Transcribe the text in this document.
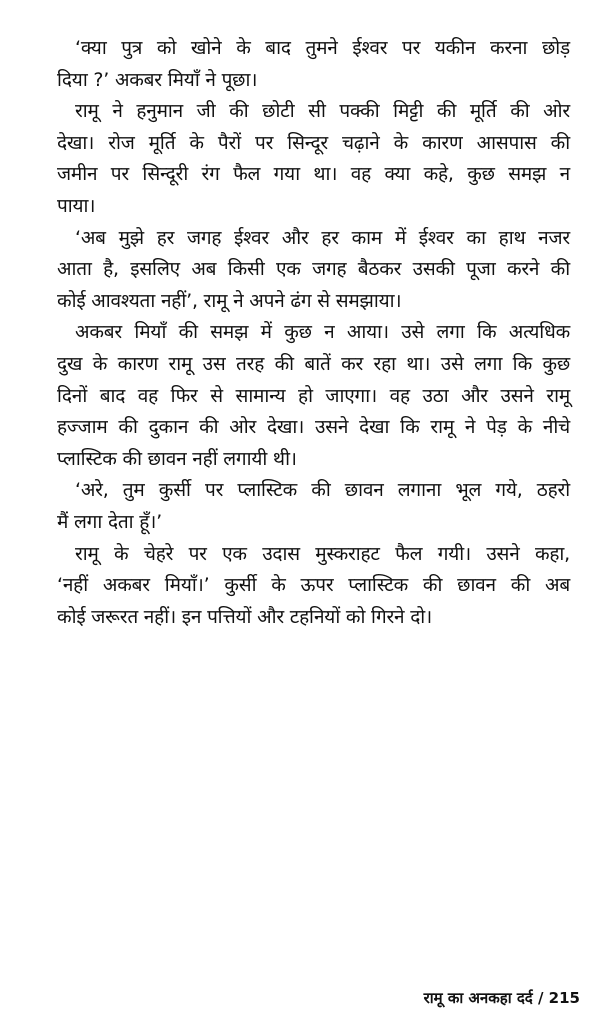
‘क्या पुत्र को खोने के बाद तुमने ईश्वर पर यकीन करना छोड़
दिया ?’ अकबर मियाँ ने पूछा।
रामू ने हनुमान जी की छोटी सी पक्की मिट्टी की मूर्ति की ओर
देखा। रोज मूर्ति के पैरों पर सिन्दूर चढ़ाने के कारण आसपास की
जमीन पर सिन्दूरी रंग फैल गया था। वह क्या कहे, कुछ समझ न
पाया।
‘अब मुझे हर जगह ईश्वर और हर काम में ईश्वर का हाथ नजर
आता है, इसलिए अब किसी एक जगह बैठकर उसकी पूजा करने की
कोई आवश्यता नहीं’, रामू ने अपने ढंग से समझाया।
अकबर मियाँ की समझ में कुछ न आया। उसे लगा कि अत्यधिक
दुख के कारण रामू उस तरह की बातें कर रहा था। उसे लगा कि कुछ
दिनों बाद वह फिर से सामान्य हो जाएगा। वह उठा और उसने रामू
हज्जाम की दुकान की ओर देखा। उसने देखा कि रामू ने पेड़ के नीचे
प्लास्टिक की छावन नहीं लगायी थी।
‘अरे, तुम कुर्सी पर प्लास्टिक की छावन लगाना भूल गये, ठहरो
मैं लगा देता हूँ।’
रामू के चेहरे पर एक उदास मुस्कराहट फैल गयी। उसने कहा,
‘नहीं अकबर मियाँ।’ कुर्सी के ऊपर प्लास्टिक की छावन की अब
कोई जरूरत नहीं। इन पत्तियों और टहनियों को गिरने दो।
रामू का अनकहा दर्द / 215
